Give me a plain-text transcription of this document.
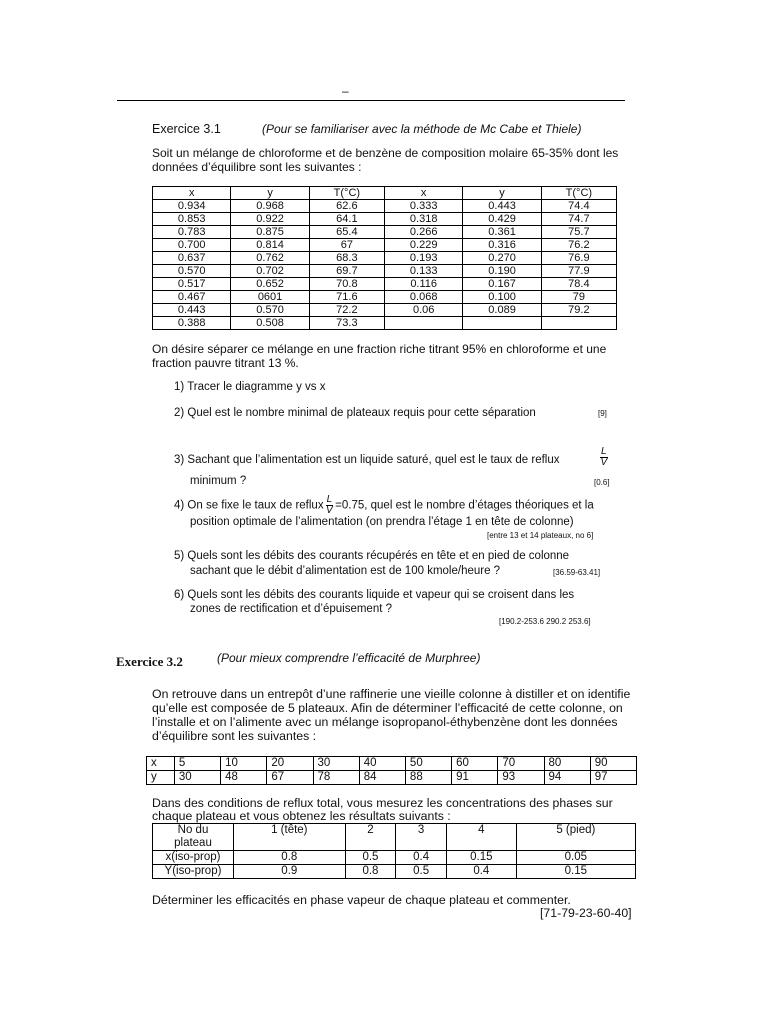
–
Exercice 3.1	(Pour se familiariser avec la méthode de Mc Cabe et Thiele)
Soit un mélange de chloroforme et de benzène de composition molaire 65-35% dont les
données d’équilibre sont les suivantes :
x	y	T(°C)	x	y	T(°C)
0.934	0.968	62.6	0.333	0.443	74.4
0.853	0.922	64.1	0.318	0.429	74.7
0.783	0.875	65.4	0.266	0.361	75.7
0.700	0.814	67	0.229	0.316	76.2
0.637	0.762	68.3	0.193	0.270	76.9
0.570	0.702	69.7	0.133	0.190	77.9
0.517	0.652	70.8	0.116	0.167	78.4
0.467	0601	71.6	0.068	0.100	79
0.443	0.570	72.2	0.06	0.089	79.2
0.388	0.508	73.3			
On désire séparer ce mélange en une fraction riche titrant 95% en chloroforme et une
fraction pauvre titrant 13 %.
1) Tracer le diagramme y vs x
2) Quel est le nombre minimal de plateaux requis pour cette séparation	[9]
3) Sachant que l’alimentation est un liquide saturé, quel est le taux de reflux	$\frac{L}{V}$
minimum ?	[0.6]
4) On se fixe le taux de reflux $\frac{L}{V} =0.75$, quel est le nombre d’étages théoriques et la
position optimale de l’alimentation (on prendra l’étage 1 en tête de colonne)
[entre 13 et 14 plateaux, no 6]
5) Quels sont les débits des courants récupérés en tête et en pied de colonne
sachant que le débit d’alimentation est de 100 kmole/heure ?	[36.59-63.41]
6) Quels sont les débits des courants liquide et vapeur qui se croisent dans les
zones de rectification et d’épuisement ?
[190.2-253.6 290.2 253.6]
Exercice 3.2	(Pour mieux comprendre l’efficacité de Murphree)
On retrouve dans un entrepôt d’une raffinerie une vieille colonne à distiller et on identifie
qu’elle est composée de 5 plateaux. Afin de déterminer l’efficacité de cette colonne, on
l’installe et on l’alimente avec un mélange isopropanol-éthybenzène dont les données
d’équilibre sont les suivantes :
x	5	10	20	30	40	50	60	70	80	90
y	30	48	67	78	84	88	91	93	94	97
Dans des conditions de reflux total, vous mesurez les concentrations des phases sur
chaque plateau et vous obtenez les résultats suivants :
No du
plateau	1 (tête)	2	3	4	5 (pied)
x(iso-prop)	0.8	0.5	0.4	0.15	0.05
Y(iso-prop)	0.9	0.8	0.5	0.4	0.15
Déterminer les efficacités en phase vapeur de chaque plateau et commenter.
[71-79-23-60-40]
